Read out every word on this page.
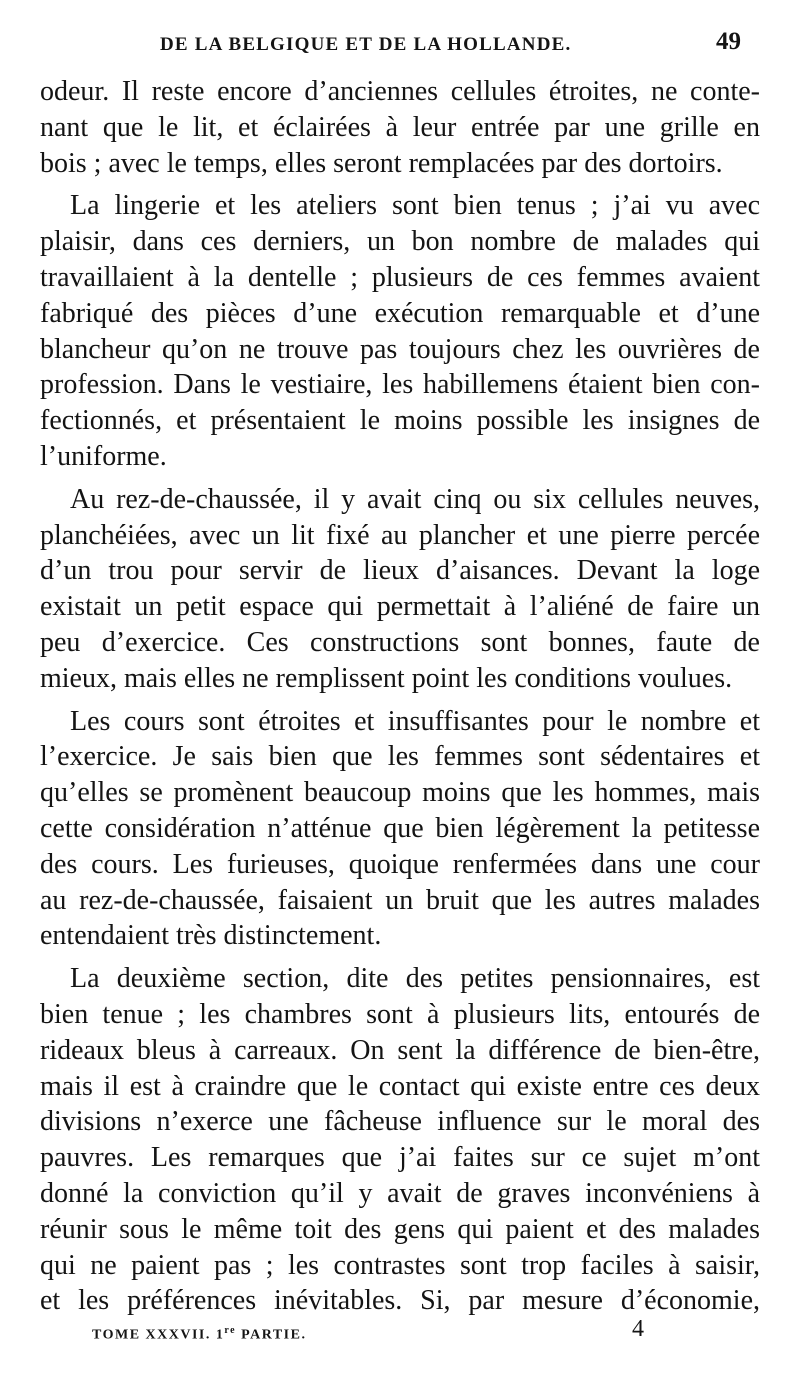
DE LA BELGIQUE ET DE LA HOLLANDE.	49
odeur. Il reste encore d’anciennes cellules étroites, ne conte-
nant que le lit, et éclairées à leur entrée par une grille en
bois ; avec le temps, elles seront remplacées par des dortoirs.
La lingerie et les ateliers sont bien tenus ; j’ai vu avec
plaisir, dans ces derniers, un bon nombre de malades qui
travaillaient à la dentelle ; plusieurs de ces femmes avaient
fabriqué des pièces d’une exécution remarquable et d’une
blancheur qu’on ne trouve pas toujours chez les ouvrières de
profession. Dans le vestiaire, les habillemens étaient bien con-
fectionnés, et présentaient le moins possible les insignes de
l’uniforme.
Au rez-de-chaussée, il y avait cinq ou six cellules neuves,
planchéiées, avec un lit fixé au plancher et une pierre percée
d’un trou pour servir de lieux d’aisances. Devant la loge
existait un petit espace qui permettait à l’aliéné de faire un
peu d’exercice. Ces constructions sont bonnes, faute de
mieux, mais elles ne remplissent point les conditions voulues.
Les cours sont étroites et insuffisantes pour le nombre et
l’exercice. Je sais bien que les femmes sont sédentaires et
qu’elles se promènent beaucoup moins que les hommes, mais
cette considération n’atténue que bien légèrement la petitesse
des cours. Les furieuses, quoique renfermées dans une cour
au rez-de-chaussée, faisaient un bruit que les autres malades
entendaient très distinctement.
La deuxième section, dite des petites pensionnaires, est
bien tenue ; les chambres sont à plusieurs lits, entourés de
rideaux bleus à carreaux. On sent la différence de bien-être,
mais il est à craindre que le contact qui existe entre ces deux
divisions n’exerce une fâcheuse influence sur le moral des
pauvres. Les remarques que j’ai faites sur ce sujet m’ont
donné la conviction qu’il y avait de graves inconvéniens à
réunir sous le même toit des gens qui paient et des malades
qui ne paient pas ; les contrastes sont trop faciles à saisir,
et les préférences inévitables. Si, par mesure d’économie,
TOME XXXVII. 1re PARTIE.	4
